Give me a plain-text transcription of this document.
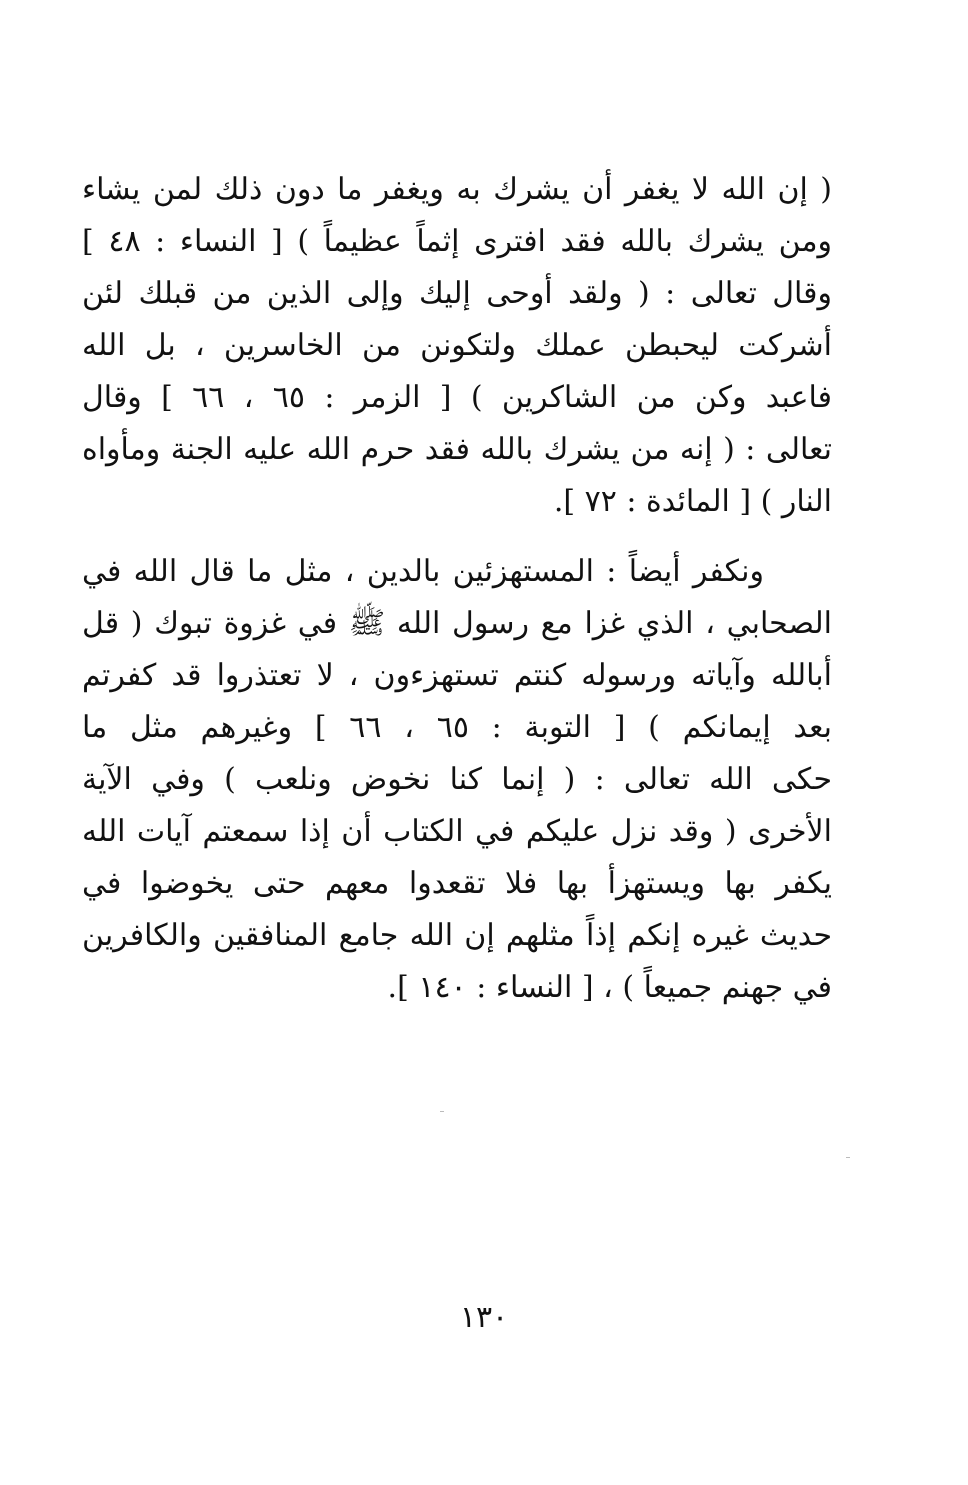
( إن الله لا يغفر أن يشرك به ويغفر ما دون ذلك لمن يشاء
ومن يشرك بالله فقد افترى إثماً عظيماً ) [ النساء : ٤٨ ]
وقال تعالى : ( ولقد أوحى إليك وإلى الذين من قبلك لئن
أشركت ليحبطن عملك ولتكونن من الخاسرين ، بل الله
فاعبد وكن من الشاكرين ) [ الزمر : ٦٥ ، ٦٦ ] وقال
تعالى : ( إنه من يشرك بالله فقد حرم الله عليه الجنة ومأواه
النار ) [ المائدة : ٧٢ ].
ونكفر أيضاً : المستهزئين بالدين ، مثل ما قال الله في
الصحابي ، الذي غزا مع رسول الله ﷺ في غزوة تبوك ( قل
أبالله وآياته ورسوله كنتم تستهزءون ، لا تعتذروا قد كفرتم
بعد إيمانكم ) [ التوبة : ٦٥ ، ٦٦ ] وغيرهم مثل ما
حكى الله تعالى : ( إنما كنا نخوض ونلعب ) وفي الآية
الأخرى ( وقد نزل عليكم في الكتاب أن إذا سمعتم آيات الله
يكفر بها ويستهزأ بها فلا تقعدوا معهم حتى يخوضوا في
حديث غيره إنكم إذاً مثلهم إن الله جامع المنافقين والكافرين
في جهنم جميعاً ) ، [ النساء : ١٤٠ ].
١٣٠
